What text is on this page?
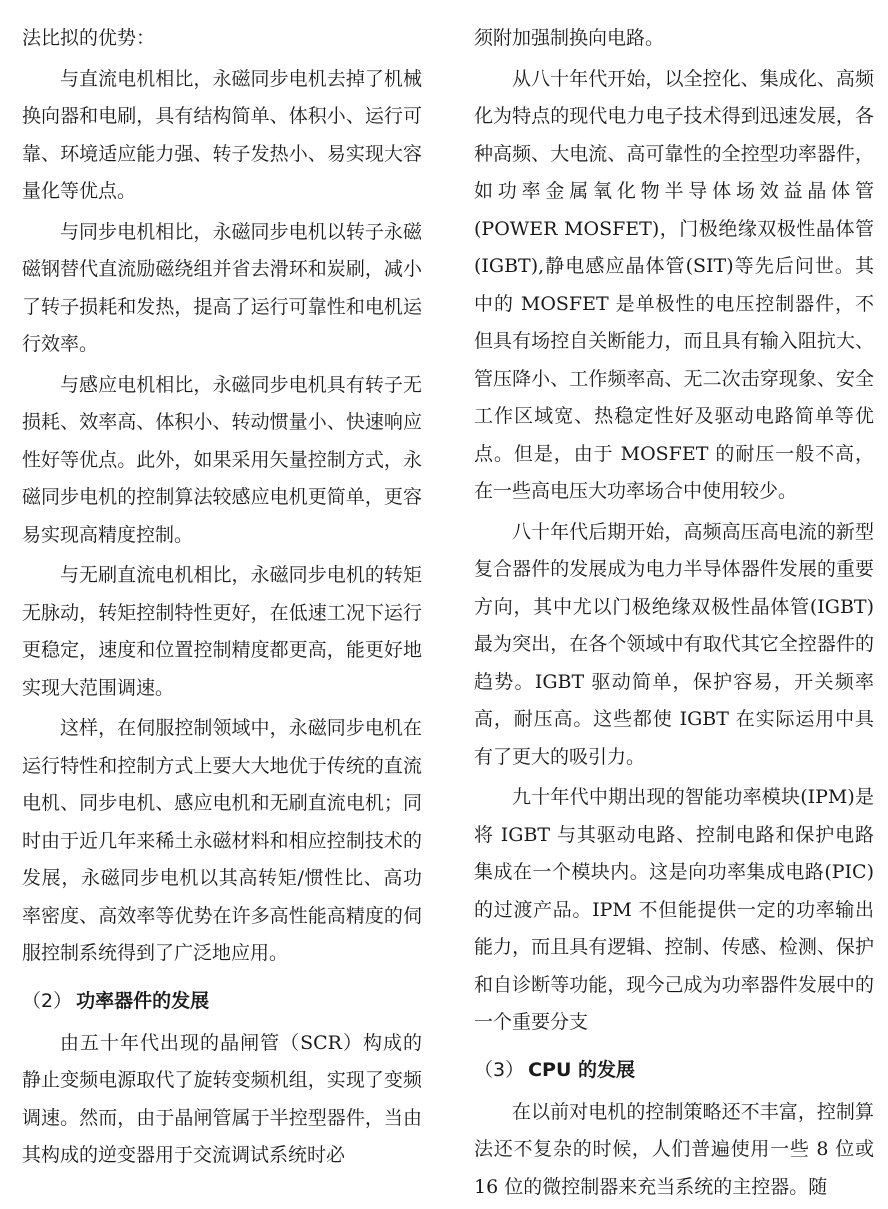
法比拟的优势：

与直流电机相比，永磁同步电机去掉了机械换向器和电刷，具有结构简单、体积小、运行可靠、环境适应能力强、转子发热小、易实现大容量化等优点。

与同步电机相比，永磁同步电机以转子永磁磁钢替代直流励磁绕组并省去滑环和炭刷，减小了转子损耗和发热，提高了运行可靠性和电机运行效率。

与感应电机相比，永磁同步电机具有转子无损耗、效率高、体积小、转动惯量小、快速响应性好等优点。此外，如果采用矢量控制方式，永磁同步电机的控制算法较感应电机更简单，更容易实现高精度控制。

与无刷直流电机相比，永磁同步电机的转矩无脉动，转矩控制特性更好，在低速工况下运行更稳定，速度和位置控制精度都更高，能更好地实现大范围调速。

这样，在伺服控制领域中，永磁同步电机在运行特性和控制方式上要大大地优于传统的直流电机、同步电机、感应电机和无刷直流电机；同时由于近几年来稀土永磁材料和相应控制技术的发展，永磁同步电机以其高转矩/惯性比、高功率密度、高效率等优势在许多高性能高精度的伺服控制系统得到了广泛地应用。

（2） 功率器件的发展

由五十年代出现的晶闸管（SCR）构成的静止变频电源取代了旋转变频机组，实现了变频调速。然而，由于晶闸管属于半控型器件，当由其构成的逆变器用于交流调试系统时必

须附加强制换向电路。

从八十年代开始，以全控化、集成化、高频化为特点的现代电力电子技术得到迅速发展，各种高频、大电流、高可靠性的全控型功率器件，如功率金属氧化物半导体场效益晶体管(POWER MOSFET)，门极绝缘双极性晶体管(IGBT),静电感应晶体管(SIT)等先后问世。其中的 MOSFET 是单极性的电压控制器件，不但具有场控自关断能力，而且具有输入阻抗大、管压降小、工作频率高、无二次击穿现象、安全工作区域宽、热稳定性好及驱动电路简单等优点。但是，由于 MOSFET 的耐压一般不高，在一些高电压大功率场合中使用较少。

八十年代后期开始，高频高压高电流的新型复合器件的发展成为电力半导体器件发展的重要方向，其中尤以门极绝缘双极性晶体管(IGBT)最为突出，在各个领域中有取代其它全控器件的趋势。IGBT 驱动简单，保护容易，开关频率高，耐压高。这些都使 IGBT 在实际运用中具有了更大的吸引力。

九十年代中期出现的智能功率模块(IPM)是将 IGBT 与其驱动电路、控制电路和保护电路集成在一个模块内。这是向功率集成电路(PIC)的过渡产品。IPM 不但能提供一定的功率输出能力，而且具有逻辑、控制、传感、检测、保护和自诊断等功能，现今己成为功率器件发展中的一个重要分支

（3） CPU 的发展

在以前对电机的控制策略还不丰富，控制算法还不复杂的时候，人们普遍使用一些 8 位或 16 位的微控制器来充当系统的主控器。随
